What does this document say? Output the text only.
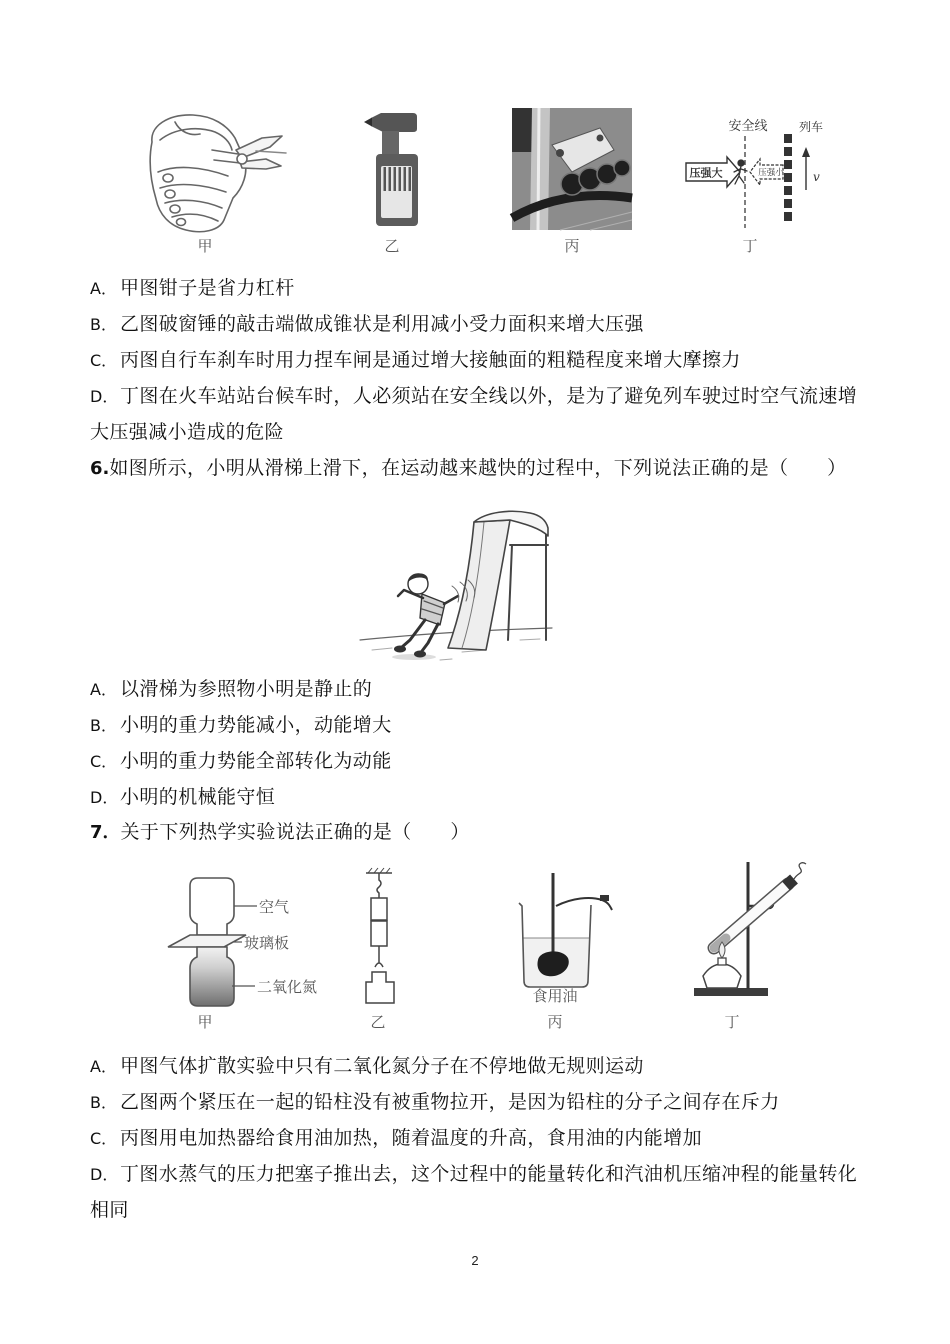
甲	乙	丙
安全线	列车
v
压强大	压强小
丁
A． 甲图钳子是省力杠杆
B． 乙图破窗锤的敲击端做成锥状是利用减小受力面积来增大压强
C． 丙图自行车刹车时用力捏车闸是通过增大接触面的粗糙程度来增大摩擦力
D．丁图在火车站站台候车时，人必须站在安全线以外，是为了避免列车驶过时空气流速增
大压强减小造成的危险
6.如图所示，小明从滑梯上滑下，在运动越来越快的过程中，下列说法正确的是（　　）
A． 以滑梯为参照物小明是静止的
B． 小明的重力势能减小，动能增大
C． 小明的重力势能全部转化为动能
D．小明的机械能守恒
7．关于下列热学实验说法正确的是（　　）
空气
玻璃板
二氧化氮
甲	乙
食用油
丙	丁
A． 甲图气体扩散实验中只有二氧化氮分子在不停地做无规则运动
B． 乙图两个紧压在一起的铅柱没有被重物拉开，是因为铅柱的分子之间存在斥力
C． 丙图用电加热器给食用油加热，随着温度的升高，食用油的内能增加
D．丁图水蒸气的压力把塞子推出去，这个过程中的能量转化和汽油机压缩冲程的能量转化
相同
2
